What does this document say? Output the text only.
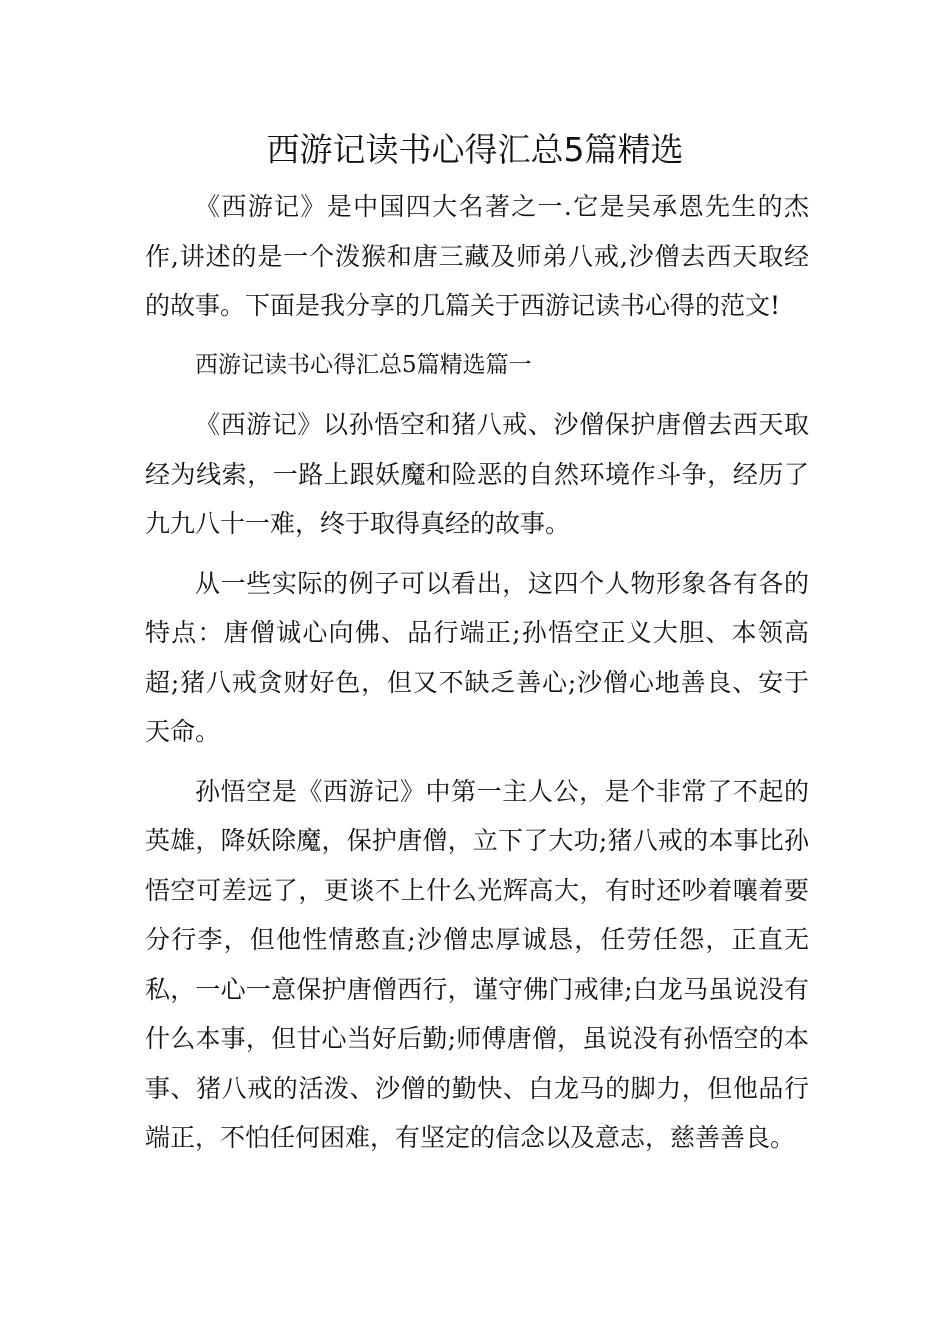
西游记读书心得汇总5篇精选

《西游记》是中国四大名著之一.它是吴承恩先生的杰作,讲述的是一个泼猴和唐三藏及师弟八戒,沙僧去西天取经的故事。下面是我分享的几篇关于西游记读书心得的范文!

西游记读书心得汇总5篇精选篇一

《西游记》以孙悟空和猪八戒、沙僧保护唐僧去西天取经为线索，一路上跟妖魔和险恶的自然环境作斗争，经历了九九八十一难，终于取得真经的故事。

从一些实际的例子可以看出，这四个人物形象各有各的特点：唐僧诚心向佛、品行端正;孙悟空正义大胆、本领高超;猪八戒贪财好色，但又不缺乏善心;沙僧心地善良、安于天命。

孙悟空是《西游记》中第一主人公，是个非常了不起的英雄，降妖除魔，保护唐僧，立下了大功;猪八戒的本事比孙悟空可差远了，更谈不上什么光辉高大，有时还吵着嚷着要分行李，但他性情憨直;沙僧忠厚诚恳，任劳任怨，正直无私，一心一意保护唐僧西行，谨守佛门戒律;白龙马虽说没有什么本事，但甘心当好后勤;师傅唐僧，虽说没有孙悟空的本事、猪八戒的活泼、沙僧的勤快、白龙马的脚力，但他品行端正，不怕任何困难，有坚定的信念以及意志，慈善善良。
